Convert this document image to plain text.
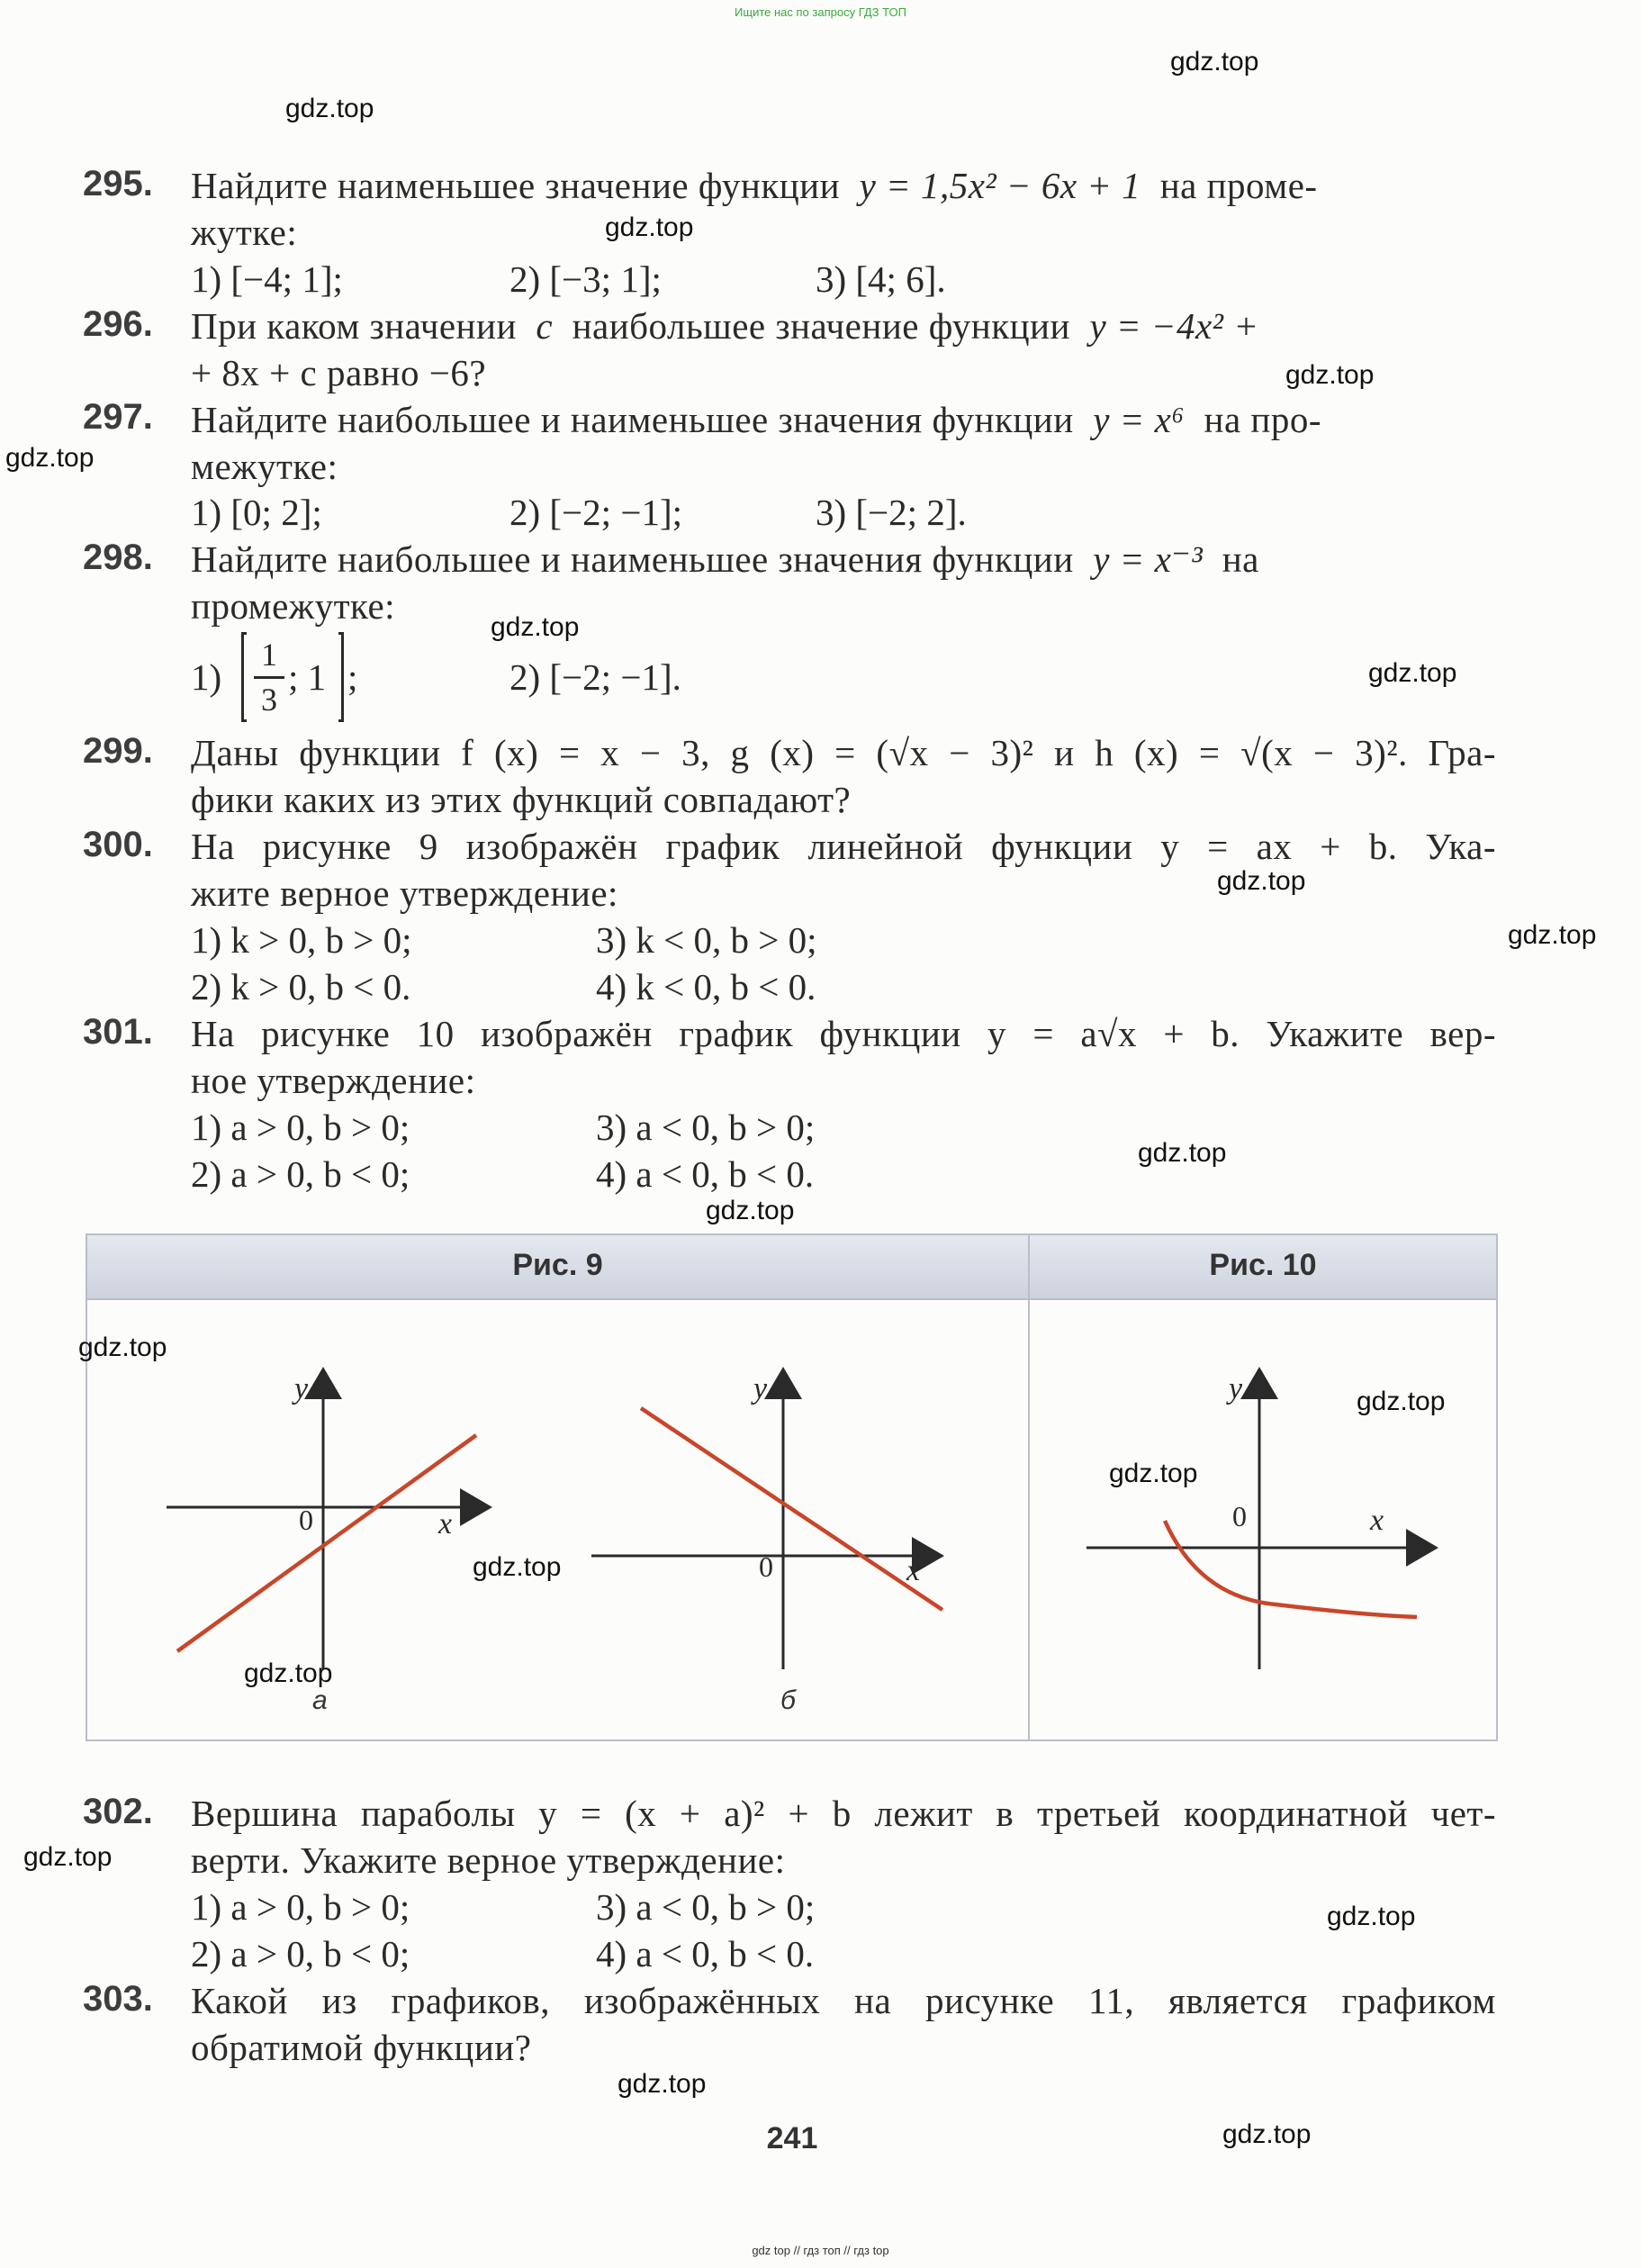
Ищите нас по запросу ГДЗ ТОП
gdz.top
gdz.top
gdz.top
gdz.top
gdz.top
gdz.top
gdz.top
gdz.top
gdz.top
gdz.top
gdz.top
295. Найдите наименьшее значение функции y = 1,5x² − 6x + 1 на проме-
жутке:
1) [−4; 1];	2) [−3; 1];	3) [4; 6].
296. При каком значении c наибольшее значение функции y = −4x² +
+ 8x + c равно −6?
297. Найдите наибольшее и наименьшее значения функции y = x⁶ на про-
межутке:
1) [0; 2];	2) [−2; −1];	3) [−2; 2].
298. Найдите наибольшее и наименьшее значения функции y = x⁻³ на
промежутке:
1)
1
3
; 1 ;	2) [−2; −1].
299. Даны функции f (x) = x − 3, g (x) = (√x − 3)² и h (x) = √(x − 3)². Гра-
фики каких из этих функций совпадают?
300. На рисунке 9 изображён график линейной функции y = ax + b. Ука-
жите верное утверждение:
1) k > 0, b > 0;	3) k < 0, b > 0;
2) k > 0, b < 0.	4) k < 0, b < 0.
301. На рисунке 10 изображён график функции y = a√x + b. Укажите вер-
ное утверждение:
1) a > 0, b > 0;	3) a < 0, b > 0;
2) a > 0, b < 0;	4) a < 0, b < 0.
Рис. 9	Рис. 10
y
x
0
y
x
0
y
x
0
а	б
gdz.top
gdz.top
gdz.top
gdz.top
gdz.top
302. Вершина параболы y = (x + a)² + b лежит в третьей координатной чет-
верти. Укажите верное утверждение:
1) a > 0, b > 0;	3) a < 0, b > 0;
2) a > 0, b < 0;	4) a < 0, b < 0.
303. Какой из графиков, изображённых на рисунке 11, является графиком
обратимой функции?
gdz.top
gdz.top
gdz.top
gdz.top
241
gdz top // гдз топ // гдз top
